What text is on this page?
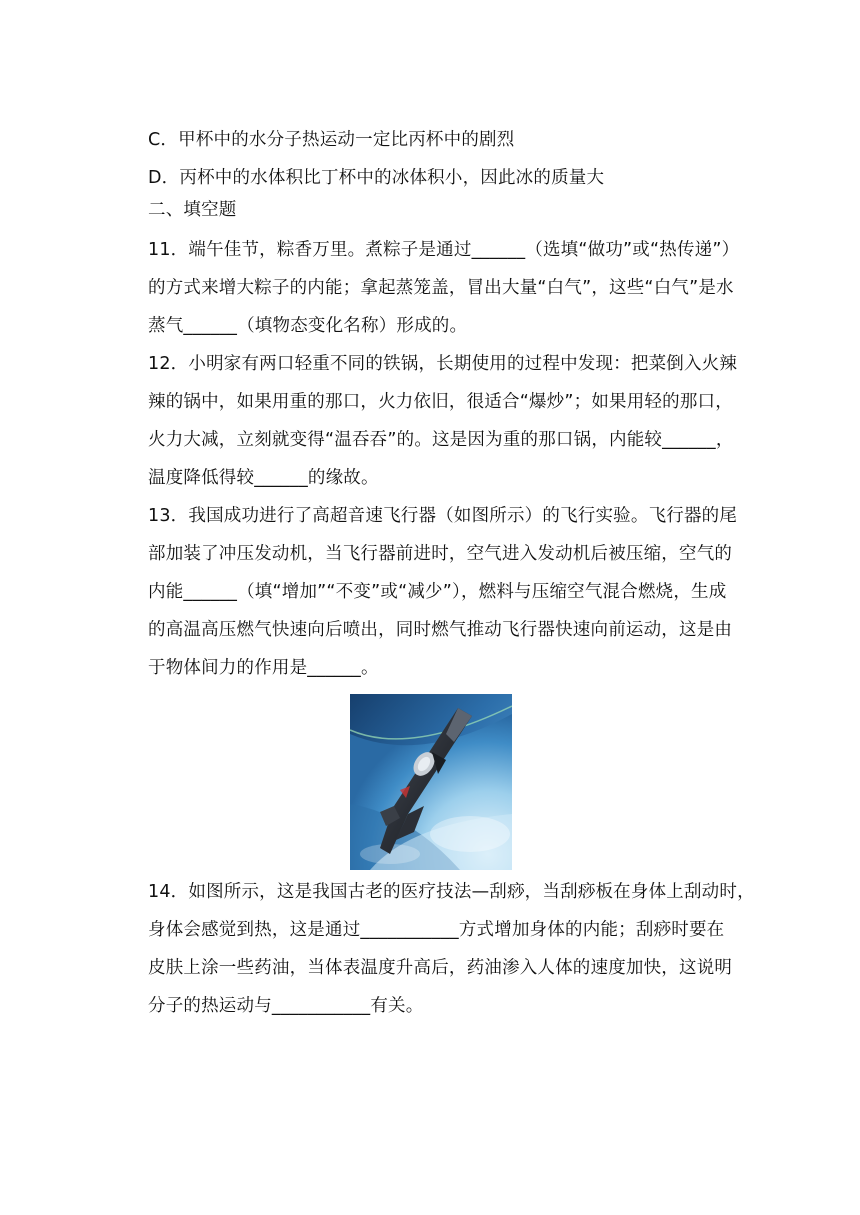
C．甲杯中的水分子热运动一定比丙杯中的剧烈
D．丙杯中的水体积比丁杯中的冰体积小，因此冰的质量大
二、填空题
11．端午佳节，粽香万里。煮粽子是通过______（选填“做功”或“热传递”）
的方式来增大粽子的内能；拿起蒸笼盖，冒出大量“白气”，这些“白气”是水
蒸气______（填物态变化名称）形成的。
12．小明家有两口轻重不同的铁锅，长期使用的过程中发现：把菜倒入火辣
辣的锅中，如果用重的那口，火力依旧，很适合“爆炒”；如果用轻的那口，
火力大减，立刻就变得“温吞吞”的。这是因为重的那口锅，内能较______，
温度降低得较______的缘故。
13．我国成功进行了高超音速飞行器（如图所示）的飞行实验。飞行器的尾
部加装了冲压发动机，当飞行器前进时，空气进入发动机后被压缩，空气的
内能______（填“增加”“不变”或“减少”），燃料与压缩空气混合燃烧，生成
的高温高压燃气快速向后喷出，同时燃气推动飞行器快速向前运动，这是由
于物体间力的作用是______。
14．如图所示，这是我国古老的医疗技法—刮痧，当刮痧板在身体上刮动时，
身体会感觉到热，这是通过___________方式增加身体的内能；刮痧时要在
皮肤上涂一些药油，当体表温度升高后，药油渗入人体的速度加快，这说明
分子的热运动与___________有关。
